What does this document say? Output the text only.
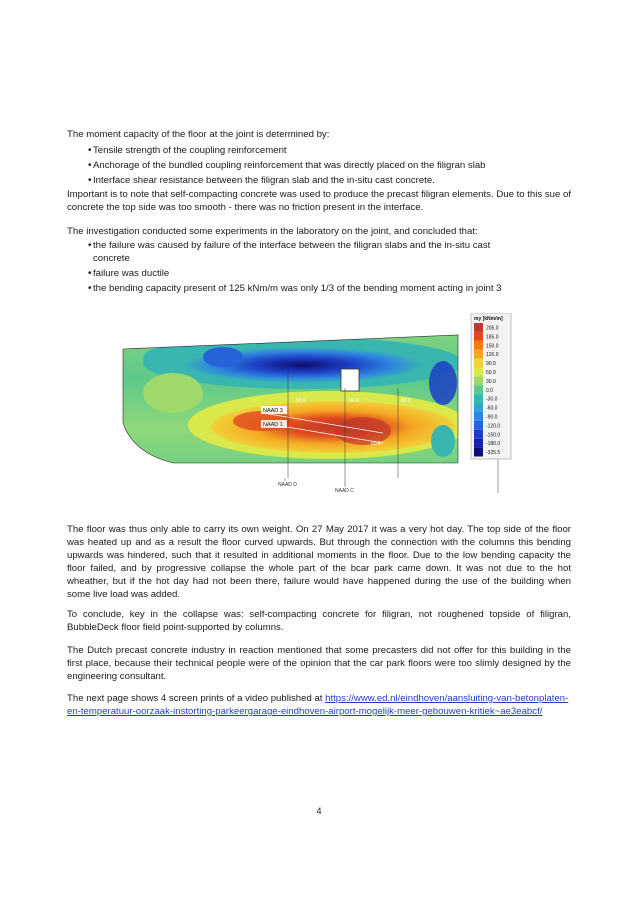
The moment capacity of the floor at the joint is determined by:

• Tensile strength of the coupling reinforcement
• Anchorage of the bundled coupling reinforcement that was directly placed on the filigran slab
• Interface shear resistance between the filigran slab and the in-situ cast concrete.

Important is to note that self-compacting concrete was used to produce the precast filigran elements. Due to this sue of concrete the top side was too smooth - there was no friction present in the interface.

The investigation conducted some experiments in the laboratory on the joint, and concluded that:

• the failure was caused by failure of the interface between the filigran slabs and the in-situ cast concrete
• failure was ductile
• the bending capacity present of 125 kNm/m was only 1/3 of the bending moment acting in joint 3
NAAD 3
NAAD 1
90.0	90.0	60.0
60.0
NAAD D
NAAD C
my [kNm/m]
205.0
185.0
150.0
120.0
90.0
60.0
30.0
0.0
-30.0
-60.0
-90.0
-120.0
-150.0
-180.0
-325.5

The floor was thus only able to carry its own weight. On 27 May 2017 it was a very hot day. The top side of the floor was heated up and as a result the floor curved upwards. But through the connection with the columns this bending upwards was hindered, such that it resulted in additional moments in the floor. Due to the low bending capacity the floor failed, and by progressive collapse the whole part of the bcar park came down. It was not due to the hot wheather, but if the hot day had not been there, failure would have happened during the use of the building when some live load was added.

To conclude, key in the collapse was: self-compacting concrete for filigran, not roughened topside of filigran, BubbleDeck floor field point-supported by columns.

The Dutch precast concrete industry in reaction mentioned that some precasters did not offer for this building in the first place, because their technical people were of the opinion that the car park floors were too slimly designed by the engineering consultant.

The next page shows 4 screen prints of a video published at https://www.ed.nl/eindhoven/aansluiting-van-betonplaten-en-temperatuur-oorzaak-instorting-parkeergarage-eindhoven-airport-mogelijk-meer-gebouwen-kritiek~ae3eabcf/

4
